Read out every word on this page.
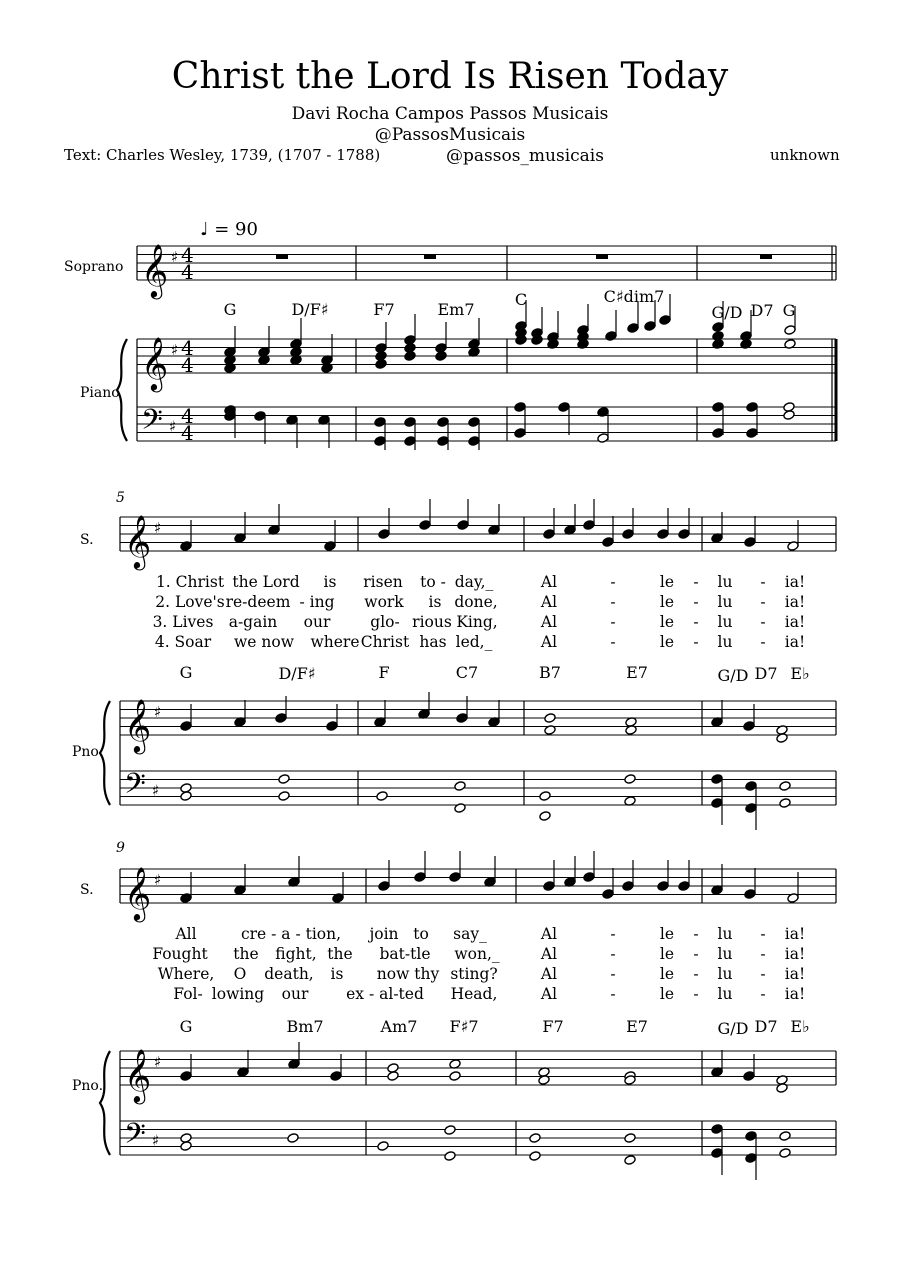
Christ the Lord Is Risen Today
Davi Rocha Campos Passos Musicais
@PassosMusicais
@passos_musicais
Text: Charles Wesley, 1739, (1707 - 1788)	unknown
♩ = 90
Soprano
Piano
S.
Pno.
S.
Pno.
5
9
G	D/F♯	F7	Em7
C	C♯dim7
G/D D7 G
G	D/F♯	F	C7	B7	E7	G/D D7 E♭
G	Bm7	Am7 F♯7	F7	E7	G/D D7 E♭
1. Christ the Lord is risen to - day,_	Al	-	le - lu - ia!
2. Love's re-deem - ing work is done,	Al	-	le - lu - ia!
3. Lives a-gain our	glo- rious King,	Al	-	le - lu - ia!
4. Soar we now where Christ has led,_	Al	-	le - lu - ia!
All	cre - a - tion, join to say_	Al	-	le - lu - ia!
Fought the fight, the bat-tle won,_	Al	-	le - lu - ia!
Where, O death, is now thy sting?	Al	-	le - lu - ia!
Fol- lowing our ex - al-ted Head,	Al	-	le - lu - ia!
𝄞
𝄞
𝄢
♯
♯
♯
4
4
4
4
4
4
𝄞
𝄞
𝄢
♯
♯
♯
𝄞
𝄞
𝄢
♯
♯
♯
